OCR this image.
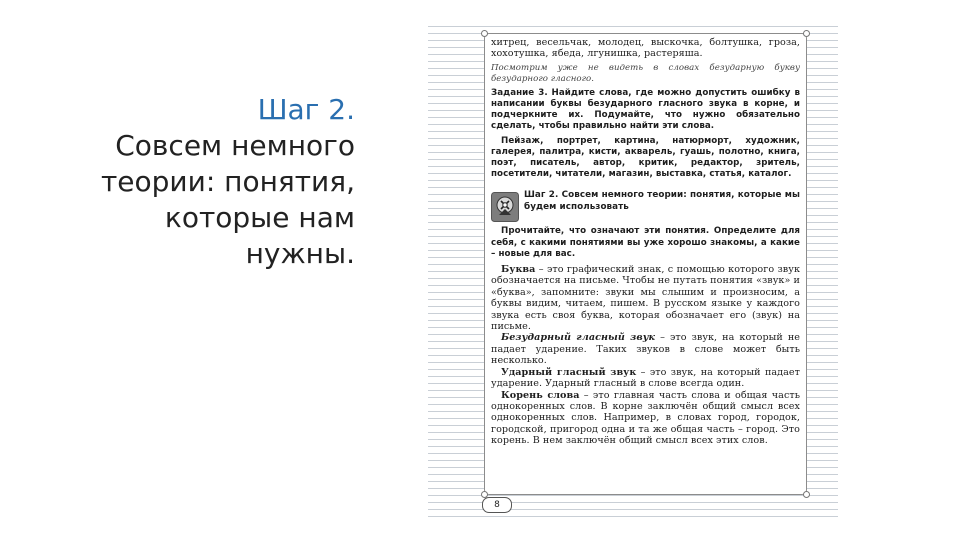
Шаг 2.
Совсем немного
теории: понятия,
которые нам
нужны.

хитрец, весельчак, молодец, выскочка, болтушка, гроза, хохотушка, ябеда, лгунишка, растеряша.

Посмотрим уже не видеть в словах безударную букву безударного гласного.

Задание 3. Найдите слова, где можно допустить ошибку в написании буквы безударного гласного звука в корне, и подчеркните их. Подумайте, что нужно обязательно сделать, чтобы правильно найти эти слова.

Пейзаж, портрет, картина, натюрморт, художник, галерея, палитра, кисти, акварель, гуашь, полотно, книга, поэт, писатель, автор, критик, редактор, зритель, посетители, читатели, магазин, выставка, статья, каталог.

Шаг 2. Совсем немного теории: понятия, которые мы будем использовать

Прочитайте, что означают эти понятия. Определите для себя, с какими понятиями вы уже хорошо знакомы, а какие – новые для вас.

Буква – это графический знак, с помощью которого звук обозначается на письме. Чтобы не путать понятия «звук» и «буква», запомните: звуки мы слышим и произносим, а буквы видим, читаем, пишем. В русском языке у каждого звука есть своя буква, которая обозначает его (звук) на письме.

Безударный гласный звук – это звук, на который не падает ударение. Таких звуков в слове может быть несколько.

Ударный гласный звук – это звук, на который падает ударение. Ударный гласный в слове всегда один.

Корень слова – это главная часть слова и общая часть однокоренных слов. В корне заключён общий смысл всех однокоренных слов. Например, в словах город, городок, городской, пригород одна и та же общая часть – город. Это корень. В нем заключён общий смысл всех этих слов.

8
